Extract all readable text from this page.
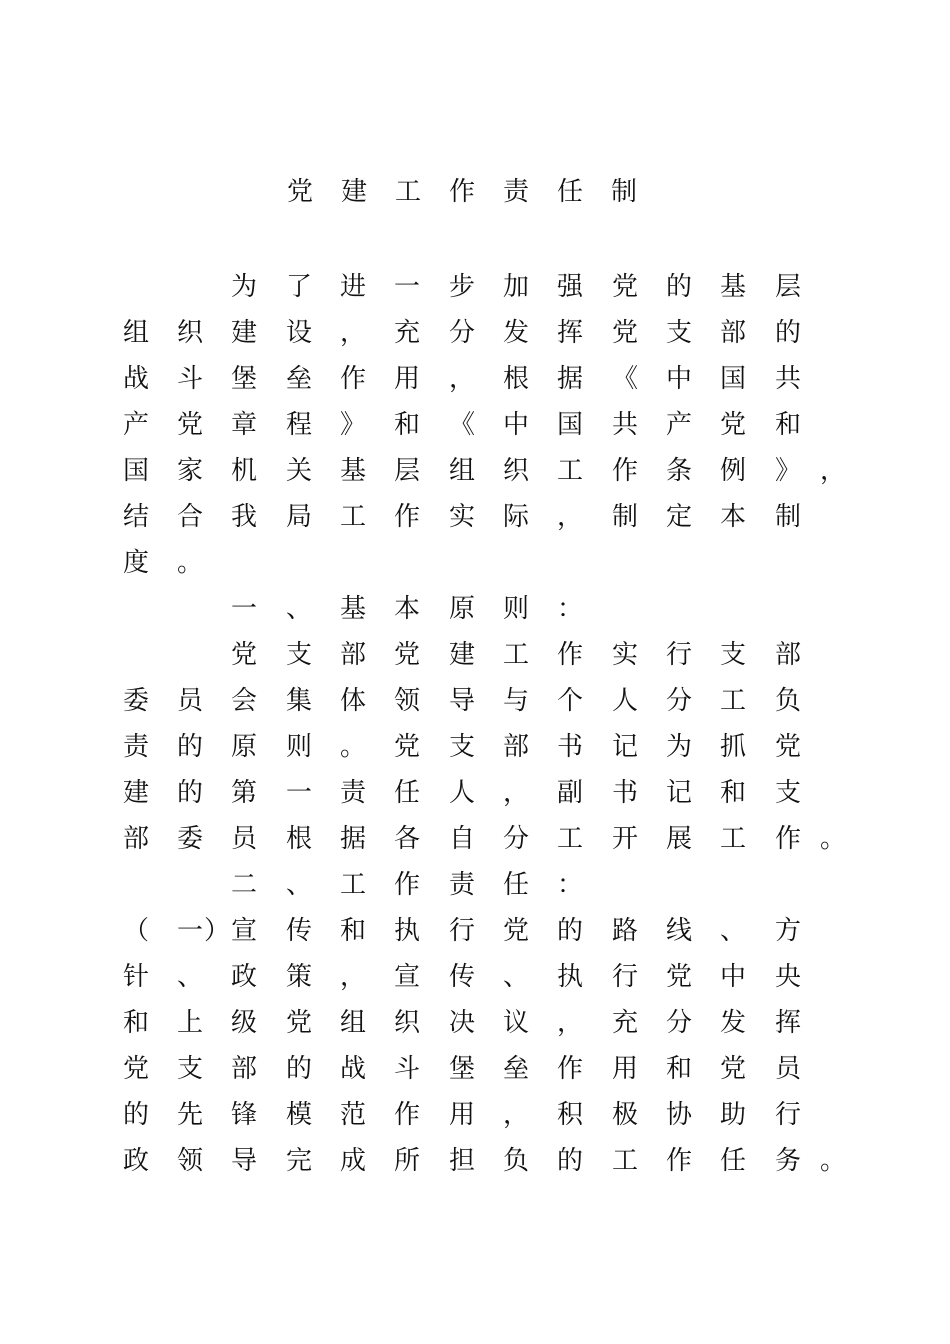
党建工作责任制
为	了	进	一	步	加	强	党	的	基	层
组	织	建	设	，	充	分	发	挥	党	支	部	的
战	斗	堡	垒	作	用	，	根	据	《	中	国	共
产	党	章	程	》	和	《	中	国	共	产	党	和
国	家	机	关	基	层	组	织	工	作	条	例	》 ，
结	合	我	局	工	作	实	际	，	制	定	本	制
度	。
一	、	基	本	原	则	：
党	支	部	党	建	工	作	实	行	支	部
委	员	会	集	体	领	导	与	个	人	分	工	负
责	的	原	则	。	党	支	部	书	记	为	抓	党
建	的	第	一	责	任	人	，	副	书	记	和	支
部	委	员	根	据	各	自	分	工	开	展	工	作 。
二	、	工	作	责	任	：
（	一 ） 宣	传	和	执	行	党	的	路	线	、	方
针	、	政	策	，	宣	传	、	执	行	党	中	央
和	上	级	党	组	织	决	议	，	充	分	发	挥
党	支	部	的	战	斗	堡	垒	作	用	和	党	员
的	先	锋	模	范	作	用	，	积	极	协	助	行
政	领	导	完	成	所	担	负	的	工	作	任	务 。
